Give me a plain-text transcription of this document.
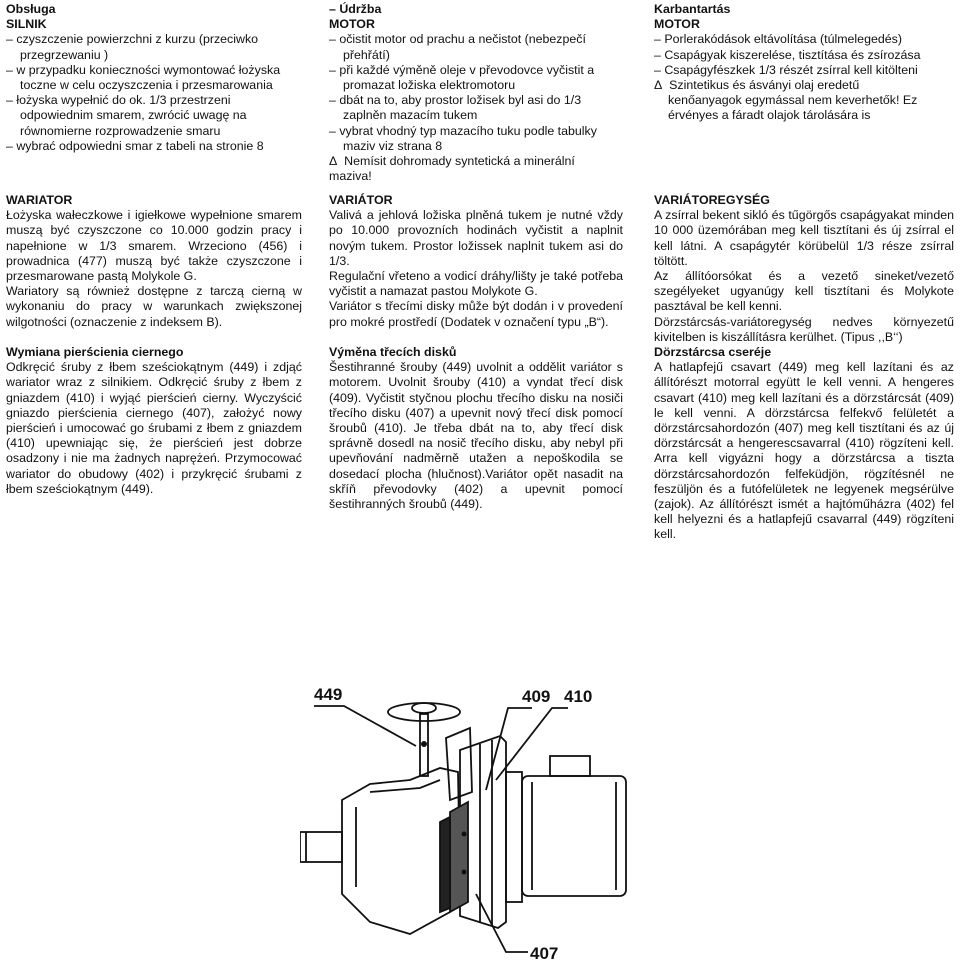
Obsługa
SILNIK
– czyszczenie powierzchni z kurzu (przeciwko
przegrzewaniu )
– w przypadku konieczności wymontować łożyska
toczne w celu oczyszczenia i przesmarowania
– łożyska wypełnić do ok. 1/3 przestrzeni
odpowiednim smarem, zwrócić uwagę na
równomierne rozprowadzenie smaru
– wybrać odpowiedni smar z tabeli na stronie 8
– Údržba
MOTOR
– očistit motor od prachu a nečistot (nebezpečí
přehřátí)
– při každé výměně oleje v převodovce vyčistit a
promazat ložiska elektromotoru
– dbát na to, aby prostor ložisek byl asi do 1/3
zaplněn mazacím tukem
– vybrat vhodný typ mazacího tuku podle tabulky
maziv viz strana 8
Δ  Nemísit dohromady syntetická a minerální
maziva!
Karbantartás
MOTOR
– Porlerakódások eltávolítása (túlmelegedés)
– Csapágyak kiszerelése, tisztítása és zsírozása
– Csapágyfészkek 1/3 részét zsírral kell kitölteni
Δ  Szintetikus és ásványi olaj eredetű
kenőanyagok egymással nem keverhetők! Ez
érvényes a fáradt olajok tárolására is
WARIATOR

Łożyska wałeczkowe i igiełkowe wypełnione smarem muszą być czyszczone co 10.000 godzin pracy i napełnione w 1/3 smarem. Wrzeciono (456) i prowadnica (477) muszą być także czyszczone i przesmarowane pastą Molykole G.

Wariatory są również dostępne z tarczą cierną w wykonaniu do pracy w warunkach zwiększonej wilgotności (oznaczenie z indeksem B).

VARIÁTOR

Valivá a jehlová ložiska plněná tukem je nutné vždy po 10.000 provozních hodinách vyčistit a naplnit novým tukem. Prostor ložissek naplnit tukem asi do 1/3.

Regulační vřeteno a vodicí dráhy/lišty je také potřeba vyčistit a namazat pastou Molykote G.

Variátor s třecími disky může být dodán i v provedení pro mokré prostředí (Dodatek v označení typu „B“).

VARIÁTOREGYSÉG

A zsírral bekent sikló és tűgörgős csapágyakat minden 10 000 üzemórában meg kell tisztítani és új zsírral el kell látni. A csapágytér körübelül 1/3 része zsírral töltött.

Az állítóorsókat és a vezető sineket/vezető szegélyeket ugyanúgy kell tisztítani és Molykote pasztával be kell kenni.

Dörzstárcsás-variátoregység nedves környezetű kivitelben is kiszállításra kerülhet. (Tipus ,,B‘‘)

Wymiana pierścienia ciernego

Odkręcić śruby z łbem sześciokątnym (449) i zdjąć wariator wraz z silnikiem. Odkręcić śruby z łbem z gniazdem (410) i wyjąć pierścień cierny. Wyczyścić gniazdo pierścienia ciernego (407), założyć nowy pierścień i umocować go śrubami z łbem z gniazdem (410) upewniając się, że pierścień jest dobrze osadzony i nie ma żadnych naprężeń. Przymocować wariator do obudowy (402) i przykręcić śrubami z łbem sześciokątnym (449).

Výměna třecích disků

Šestihranné šrouby (449) uvolnit a oddělit variátor s motorem. Uvolnit šrouby (410) a vyndat třecí disk (409). Vyčistit styčnou plochu třecího disku na nosiči třecího disku (407) a upevnit nový třecí disk pomocí šroubů (410). Je třeba dbát na to, aby třecí disk správně dosedl na nosič třecího disku, aby nebyl při upevňování nadměrně utažen a nepoškodila se dosedací plocha (hlučnost).Variátor opět nasadit na skříň převodovky (402) a upevnit pomocí šestihranných šroubů (449).

Dörzstárcsa cseréje

A hatlapfejű csavart (449) meg kell lazítani és az állítórészt motorral együtt le kell venni. A hengeres csavart (410) meg kell lazítani és a dörzstárcsát (409) le kell venni. A dörzstárcsa felfekvő felületét a dörzstárcsahordozón (407) meg kell tisztítani és az új dörzstárcsát a hengerescsavarral (410) rögzíteni kell. Arra kell vigyázni hogy a dörzstárcsa a tiszta dörzstárcsahordozón felfeküdjön, rögzítésnél ne feszüljön és a futófelületek ne legyenek megsérülve (zajok). Az állítórészt ismét a hajtóműházra (402) fel kell helyezni és a hatlapfejű csavarral (449) rögzíteni kell.

449	409 410
407
